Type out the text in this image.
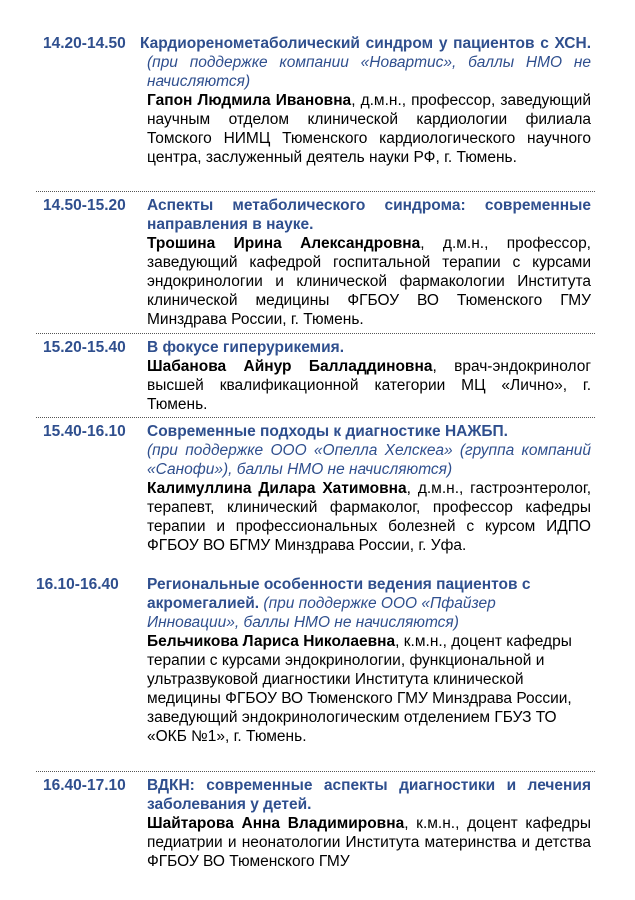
14.20-14.50 Кардиоренометаболический синдром у пациентов с ХСН. (при поддержке компании «Новартис», баллы НМО не начисляются)
Гапон Людмила Ивановна, д.м.н., профессор, заведующий научным отделом клинической кардиологии филиала Томского НИМЦ Тюменского кардиологического научного центра, заслуженный деятель науки РФ, г. Тюмень.
14.50-15.20 Аспекты метаболического синдрома: современные направления в науке.
Трошина Ирина Александровна, д.м.н., профессор, заведующий кафедрой госпитальной терапии с курсами эндокринологии и клинической фармакологии Института клинической медицины ФГБОУ ВО Тюменского ГМУ Минздрава России, г. Тюмень.
15.20-15.40 В фокусе гиперурикемия.
Шабанова Айнур Балладдиновна, врач-эндокринолог высшей квалификационной категории МЦ «Лично», г. Тюмень.
15.40-16.10 Современные подходы к диагностике НАЖБП.
(при поддержке ООО «Опелла Хелскеа» (группа компаний «Санофи»), баллы НМО не начисляются)
Калимуллина Дилара Хатимовна, д.м.н., гастроэнтеролог, терапевт, клинический фармаколог, профессор кафедры терапии и профессиональных болезней с курсом ИДПО ФГБОУ ВО БГМУ Минздрава России, г. Уфа.
16.10-16.40 Региональные особенности ведения пациентов с акромегалией. (при поддержке ООО «Пфайзер Инновации», баллы НМО не начисляются)
Бельчикова Лариса Николаевна, к.м.н., доцент кафедры терапии с курсами эндокринологии, функциональной и ультразвуковой диагностики Института клинической медицины ФГБОУ ВО Тюменского ГМУ Минздрава России, заведующий эндокринологическим отделением ГБУЗ ТО «ОКБ №1», г. Тюмень.
16.40-17.10 ВДКН: современные аспекты диагностики и лечения заболевания у детей.
Шайтарова Анна Владимировна, к.м.н., доцент кафедры педиатрии и неонатологии Института материнства и детства ФГБОУ ВО Тюменского ГМУ
